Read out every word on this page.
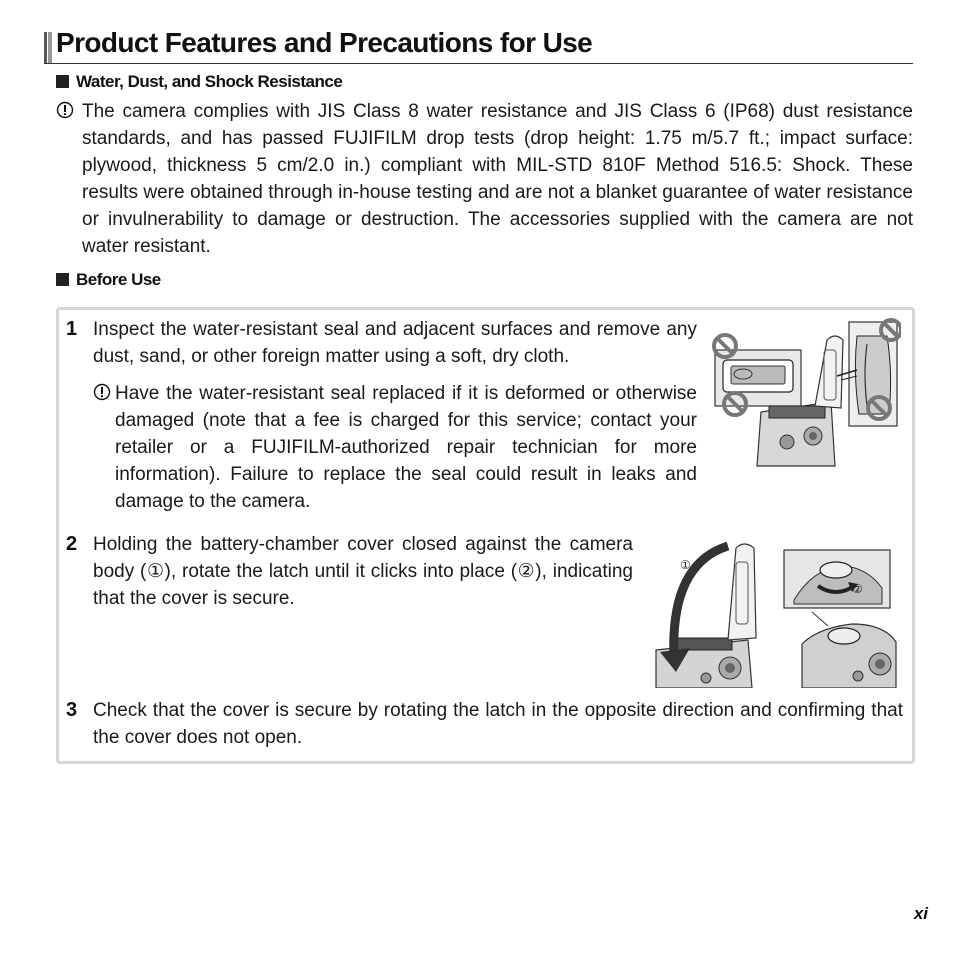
Product Features and Precautions for Use
Water, Dust, and Shock Resistance
The camera complies with JIS Class 8 water resistance and JIS Class 6 (IP68) dust resistance standards, and has passed FUJIFILM drop tests (drop height: 1.75 m/5.7 ft.; impact surface: plywood, thickness 5 cm/2.0 in.) compliant with MIL-STD 810F Method 516.5: Shock. These results were obtained through in-house testing and are not a blanket guarantee of water resistance or invulnerability to damage or destruction. The accessories supplied with the camera are not water resistant.
Before Use
1 Inspect the water-resistant seal and adjacent surfaces and remove any dust, sand, or other foreign matter using a soft, dry cloth.
Have the water-resistant seal replaced if it is deformed or otherwise damaged (note that a fee is charged for this service; contact your retailer or a FUJIFILM-authorized repair technician for more information). Failure to replace the seal could result in leaks and damage to the camera.
2 Holding the battery-chamber cover closed against the camera body (①), rotate the latch until it clicks into place (②), indicating that the cover is secure.
①
②
3 Check that the cover is secure by rotating the latch in the opposite direction and confirming that the cover does not open.
xi
